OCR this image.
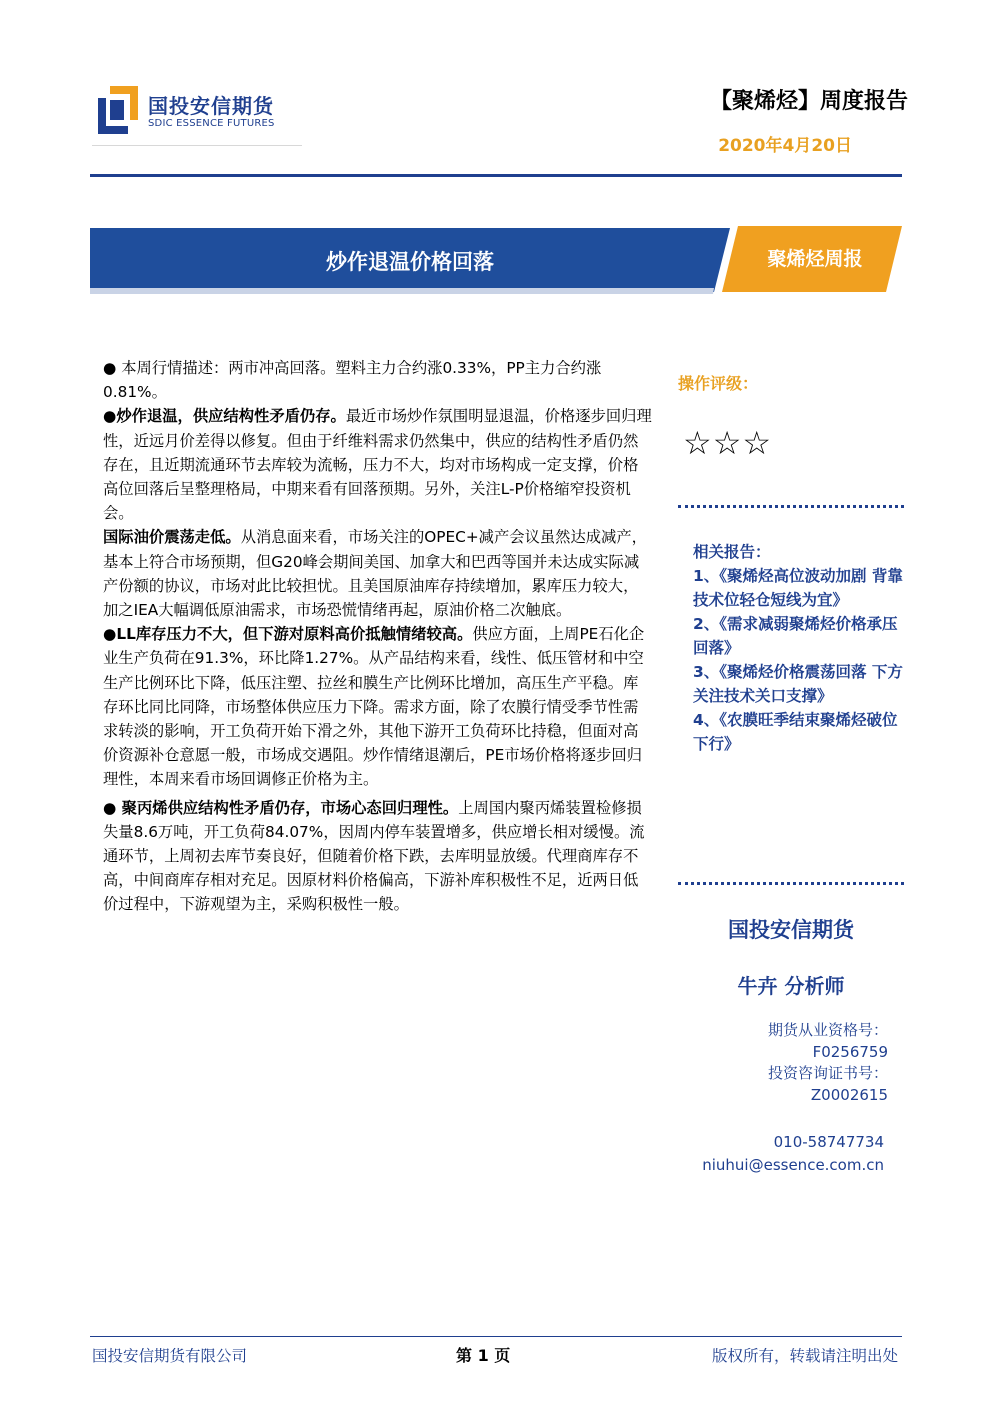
国投安信期货
SDIC ESSENCE FUTURES
【聚烯烃】周度报告
2020年4月20日
炒作退温价格回落	聚烯烃周报

● 本周行情描述：两市冲高回落。塑料主力合约涨0.33%，PP主力合约涨0.81%。

●炒作退温，供应结构性矛盾仍存。最近市场炒作氛围明显退温，价格逐步回归理性，近远月价差得以修复。但由于纤维料需求仍然集中，供应的结构性矛盾仍然存在，且近期流通环节去库较为流畅，压力不大，均对市场构成一定支撑，价格高位回落后呈整理格局，中期来看有回落预期。另外，关注L-P价格缩窄投资机会。

国际油价震荡走低。从消息面来看，市场关注的OPEC+减产会议虽然达成减产，基本上符合市场预期，但G20峰会期间美国、加拿大和巴西等国并未达成实际减产份额的协议，市场对此比较担忧。且美国原油库存持续增加，累库压力较大，加之IEA大幅调低原油需求，市场恐慌情绪再起，原油价格二次触底。

●LL库存压力不大，但下游对原料高价抵触情绪较高。供应方面，上周PE石化企业生产负荷在91.3%，环比降1.27%。从产品结构来看，线性、低压管材和中空生产比例环比下降，低压注塑、拉丝和膜生产比例环比增加，高压生产平稳。库存环比同比同降，市场整体供应压力下降。需求方面，除了农膜行情受季节性需求转淡的影响，开工负荷开始下滑之外，其他下游开工负荷环比持稳，但面对高价资源补仓意愿一般，市场成交遇阻。炒作情绪退潮后，PE市场价格将逐步回归理性，本周来看市场回调修正价格为主。

● 聚丙烯供应结构性矛盾仍存，市场心态回归理性。上周国内聚丙烯装置检修损失量8.6万吨，开工负荷84.07%，因周内停车装置增多，供应增长相对缓慢。流通环节，上周初去库节奏良好，但随着价格下跌，去库明显放缓。代理商库存不高，中间商库存相对充足。因原材料价格偏高，下游补库积极性不足，近两日低价过程中，下游观望为主，采购积极性一般。

操作评级：
☆☆☆
相关报告：
1、《聚烯烃高位波动加剧 背靠技术位轻仓短线为宜》
2、《需求减弱聚烯烃价格承压回落》
3、《聚烯烃价格震荡回落 下方关注技术关口支撑》
4、《农膜旺季结束聚烯烃破位下行》
国投安信期货
牛卉 分析师
期货从业资格号：
F0256759
投资咨询证书号：
Z0002615
010-58747734
niuhui@essence.com.cn
国投安信期货有限公司	第 1 页	版权所有，转载请注明出处
